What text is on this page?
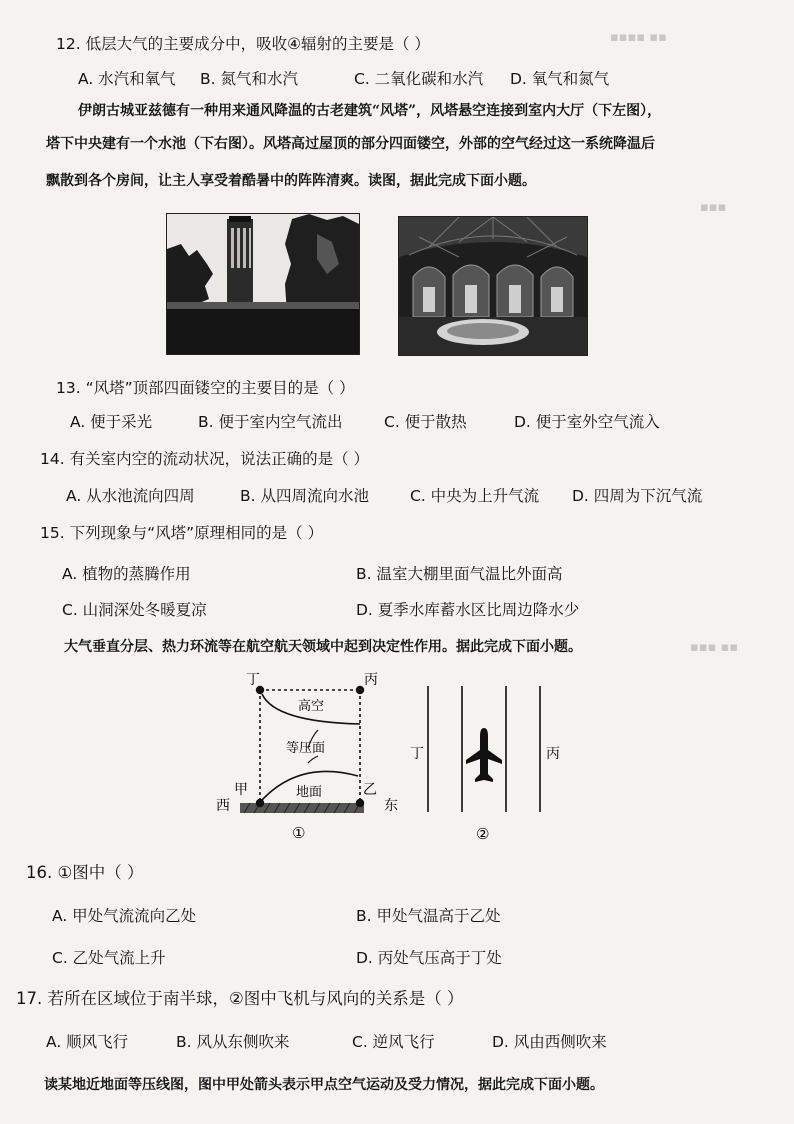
▪▪▪▪ ▪▪
▪▪▪
▪▪▪ ▪▪
12. 低层大气的主要成分中，吸收④辐射的主要是（ ）
A. 水汽和氧气 B. 氮气和水汽	C. 二氧化碳和水汽 D. 氧气和氮气
伊朗古城亚兹德有一种用来通风降温的古老建筑“风塔”，风塔悬空连接到室内大厅（下左图），
塔下中央建有一个水池（下右图）。风塔高过屋顶的部分四面镂空，外部的空气经过这一系统降温后
飘散到各个房间，让主人享受着酷暑中的阵阵清爽。读图，据此完成下面小题。
13. “风塔”顶部四面镂空的主要目的是（ ）
A. 便于采光	B. 便于室内空气流出	C. 便于散热	D. 便于室外空气流入
14. 有关室内空的流动状况，说法正确的是（ ）
A. 从水池流向四周	B. 从四周流向水池	C. 中央为上升气流 D. 四周为下沉气流
15. 下列现象与“风塔”原理相同的是（ ）
A. 植物的蒸腾作用	B. 温室大棚里面气温比外面高
C. 山洞深处冬暖夏凉	D. 夏季水库蓄水区比周边降水少
大气垂直分层、热力环流等在航空航天领域中起到决定性作用。据此完成下面小题。
丁	丙
高空
等压面
甲	乙
西	东
地面
①
丁	丙
②
16. ①图中（ ）
A. 甲处气流流向乙处	B. 甲处气温高于乙处
C. 乙处气流上升	D. 丙处气压高于丁处
17. 若所在区域位于南半球，②图中飞机与风向的关系是（ ）
A. 顺风飞行	B. 风从东侧吹来	C. 逆风飞行	D. 风由西侧吹来
读某地近地面等压线图，图中甲处箭头表示甲点空气运动及受力情况，据此完成下面小题。
